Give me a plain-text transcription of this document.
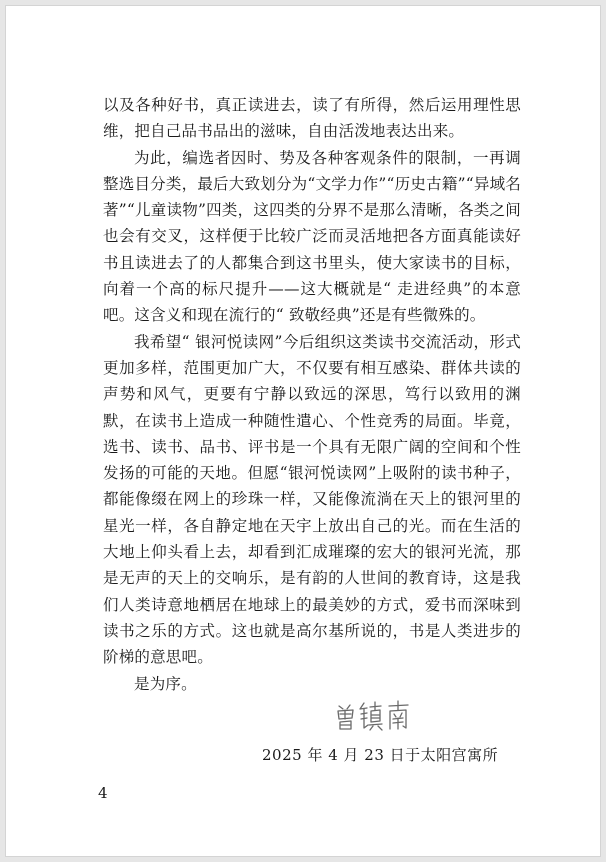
以及各种好书，真正读进去，读了有所得，然后运用理性思维，把自己品书品出的滋味，自由活泼地表达出来。

为此，编选者因时、势及各种客观条件的限制，一再调整选目分类，最后大致划分为“文学力作”“历史古籍”“异域名著”“儿童读物”四类，这四类的分界不是那么清晰，各类之间也会有交叉，这样便于比较广泛而灵活地把各方面真能读好书且读进去了的人都集合到这书里头，使大家读书的目标，向着一个高的标尺提升——这大概就是“ 走进经典”的本意吧。这含义和现在流行的“ 致敬经典”还是有些微殊的。

我希望“ 银河悦读网”今后组织这类读书交流活动，形式更加多样，范围更加广大，不仅要有相互感染、群体共读的声势和风气，更要有宁静以致远的深思，笃行以致用的渊默，在读书上造成一种随性遣心、个性竞秀的局面。毕竟，选书、读书、品书、评书是一个具有无限广阔的空间和个性发扬的可能的天地。但愿“银河悦读网”上吸附的读书种子，都能像缀在网上的珍珠一样，又能像流淌在天上的银河里的星光一样，各自静定地在天宇上放出自己的光。而在生活的大地上仰头看上去，却看到汇成璀璨的宏大的银河光流，那是无声的天上的交响乐，是有韵的人世间的教育诗，这是我们人类诗意地栖居在地球上的最美妙的方式，爱书而深味到读书之乐的方式。这也就是高尔基所说的，书是人类进步的阶梯的意思吧。

是为序。

2025 年 4 月 23 日于太阳宫寓所
4
